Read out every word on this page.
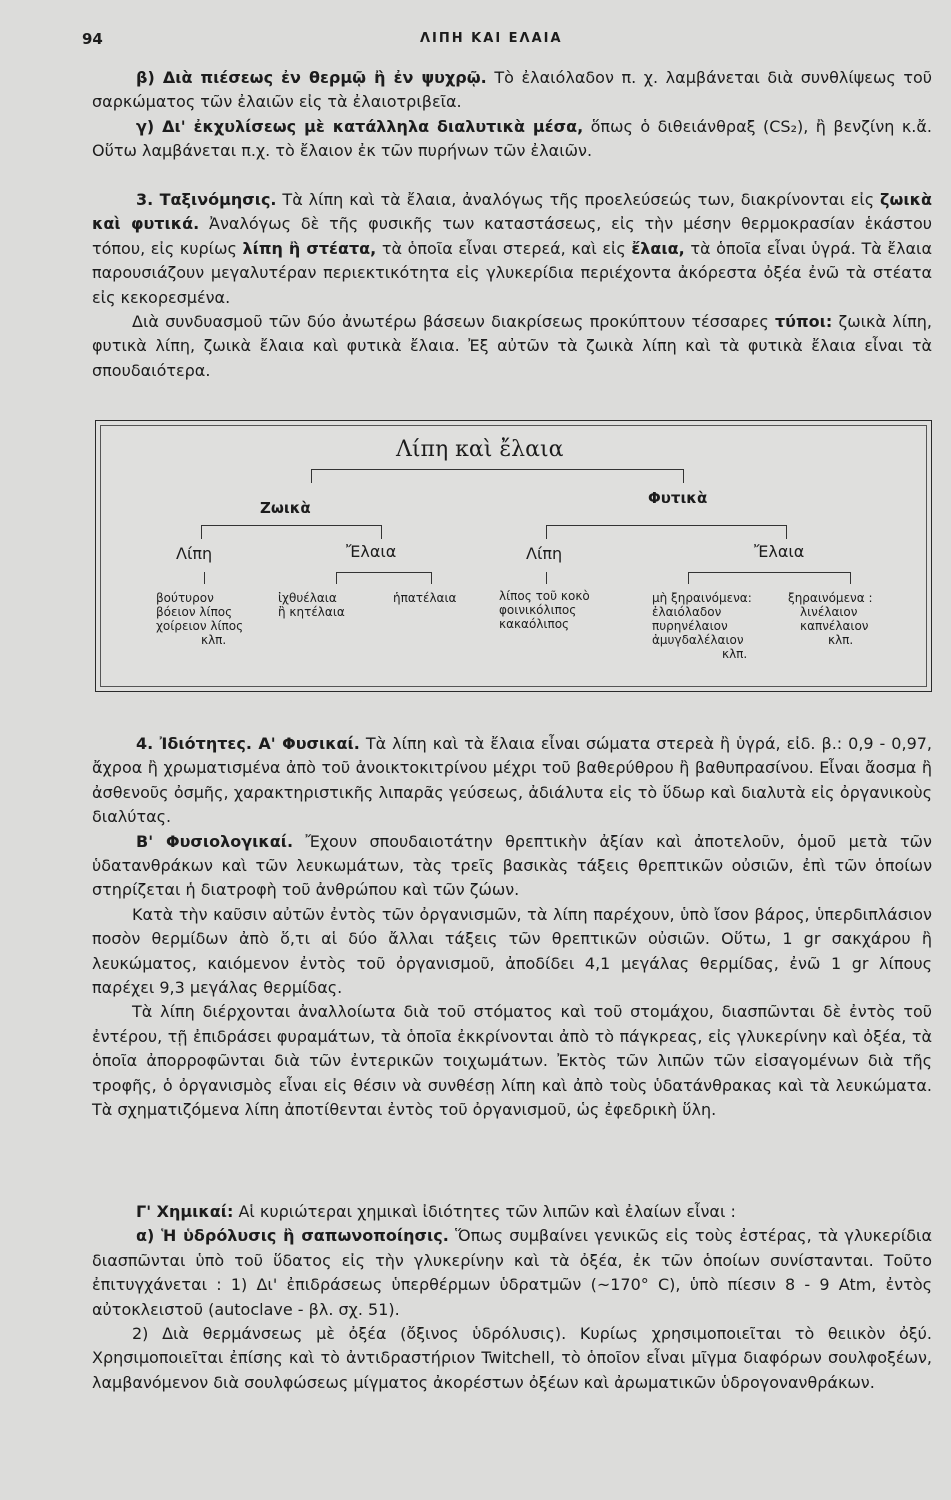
94	ΛΙΠΗ ΚΑΙ ΕΛΑΙΑ

β) Διὰ πιέσεως ἐν θερμῷ ἢ ἐν ψυχρῷ. Τὸ ἐλαιόλαδον π. χ. λαμβάνεται διὰ συνθλίψεως τοῦ σαρκώματος τῶν ἐλαιῶν εἰς τὰ ἐλαιοτριβεῖα.

γ) Δι' ἐκχυλίσεως μὲ κατάλληλα διαλυτικὰ μέσα, ὅπως ὁ διθειάνθραξ (CS₂), ἢ βενζίνη κ.ἄ. Οὕτω λαμβάνεται π.χ. τὸ ἔλαιον ἐκ τῶν πυρήνων τῶν ἐλαιῶν.

3. Ταξινόμησις. Τὰ λίπη καὶ τὰ ἔλαια, ἀναλόγως τῆς προελεύσεώς των, διακρίνονται εἰς ζωικὰ καὶ φυτικά. Ἀναλόγως δὲ τῆς φυσικῆς των καταστάσεως, εἰς τὴν μέσην θερμοκρασίαν ἑκάστου τόπου, εἰς κυρίως λίπη ἢ στέατα, τὰ ὁποῖα εἶναι στερεά, καὶ εἰς ἔλαια, τὰ ὁποῖα εἶναι ὑγρά. Τὰ ἔλαια παρουσιάζουν μεγαλυτέραν περιεκτικότητα εἰς γλυκερίδια περιέχοντα ἀκόρεστα ὀξέα ἐνῶ τὰ στέατα εἰς κεκορεσμένα.

Διὰ συνδυασμοῦ τῶν δύο ἀνωτέρω βάσεων διακρίσεως προκύπτουν τέσσαρες τύποι: ζωικὰ λίπη, φυτικὰ λίπη, ζωικὰ ἔλαια καὶ φυτικὰ ἔλαια. Ἐξ αὐτῶν τὰ ζωικὰ λίπη καὶ τὰ φυτικὰ ἔλαια εἶναι τὰ σπουδαιότερα.

Λίπη καὶ ἔλαια
Ζωικὰ
Φυτικὰ
Λίπη	Ἔλαια	Λίπη	Ἔλαια
βούτυρον
βόειον λίπος
χοίρειον λίπος
κλπ.
ἰχθυέλαια
ἢ κητέλαια
ἡπατέλαια	λίπος τοῦ κοκὸ
φοινικόλιπος
κακαόλιπος
μὴ ξηραινόμενα:
ἐλαιόλαδον
πυρηνέλαιον
ἀμυγδαλέλαιον
κλπ.
ξηραινόμενα :
λινέλαιον
καπνέλαιον
κλπ.

4. Ἰδιότητες. Α' Φυσικαί. Τὰ λίπη καὶ τὰ ἔλαια εἶναι σώματα στερεὰ ἢ ὑγρά, εἰδ. β.: 0,9 - 0,97, ἄχροα ἢ χρωματισμένα ἀπὸ τοῦ ἀνοικτοκιτρίνου μέχρι τοῦ βαθερύθρου ἢ βαθυπρασίνου. Εἶναι ἄοσμα ἢ ἀσθενοῦς ὀσμῆς, χαρακτηριστικῆς λιπαρᾶς γεύσεως, ἀδιάλυτα εἰς τὸ ὕδωρ καὶ διαλυτὰ εἰς ὀργανικοὺς διαλύτας.

Β' Φυσιολογικαί. Ἔχουν σπουδαιοτάτην θρεπτικὴν ἀξίαν καὶ ἀποτελοῦν, ὁμοῦ μετὰ τῶν ὑδατανθράκων καὶ τῶν λευκωμάτων, τὰς τρεῖς βασικὰς τάξεις θρεπτικῶν οὐσιῶν, ἐπὶ τῶν ὁποίων στηρίζεται ἡ διατροφὴ τοῦ ἀνθρώπου καὶ τῶν ζώων.

Κατὰ τὴν καῦσιν αὐτῶν ἐντὸς τῶν ὀργανισμῶν, τὰ λίπη παρέχουν, ὑπὸ ἴσον βάρος, ὑπερδιπλάσιον ποσὸν θερμίδων ἀπὸ ὅ,τι αἱ δύο ἄλλαι τάξεις τῶν θρεπτικῶν οὐσιῶν. Οὕτω, 1 gr σακχάρου ἢ λευκώματος, καιόμενον ἐντὸς τοῦ ὀργανισμοῦ, ἀποδίδει 4,1 μεγάλας θερμίδας, ἐνῶ 1 gr λίπους παρέχει 9,3 μεγάλας θερμίδας.

Τὰ λίπη διέρχονται ἀναλλοίωτα διὰ τοῦ στόματος καὶ τοῦ στομάχου, διασπῶνται δὲ ἐντὸς τοῦ ἐντέρου, τῇ ἐπιδράσει φυραμάτων, τὰ ὁποῖα ἐκκρίνονται ἀπὸ τὸ πάγκρεας, εἰς γλυκερίνην καὶ ὀξέα, τὰ ὁποῖα ἀπορροφῶνται διὰ τῶν ἐντερικῶν τοιχωμάτων. Ἐκτὸς τῶν λιπῶν τῶν εἰσαγομένων διὰ τῆς τροφῆς, ὁ ὀργανισμὸς εἶναι εἰς θέσιν νὰ συνθέσῃ λίπη καὶ ἀπὸ τοὺς ὑδατάνθρακας καὶ τὰ λευκώματα. Τὰ σχηματιζόμενα λίπη ἀποτίθενται ἐντὸς τοῦ ὀργανισμοῦ, ὡς ἐφεδρικὴ ὕλη.

Γ' Χημικαί: Αἱ κυριώτεραι χημικαὶ ἰδιότητες τῶν λιπῶν καὶ ἐλαίων εἶναι :

α) Ἡ ὑδρόλυσις ἢ σαπωνοποίησις. Ὅπως συμβαίνει γενικῶς εἰς τοὺς ἐστέρας, τὰ γλυκερίδια διασπῶνται ὑπὸ τοῦ ὕδατος εἰς τὴν γλυκερίνην καὶ τὰ ὀξέα, ἐκ τῶν ὁποίων συνίστανται. Τοῦτο ἐπιτυγχάνεται : 1) Δι' ἐπιδράσεως ὑπερθέρμων ὑδρατμῶν (~170° C), ὑπὸ πίεσιν 8 - 9 Atm, ἐντὸς αὐτοκλειστοῦ (autoclave - βλ. σχ. 51).

2) Διὰ θερμάνσεως μὲ ὀξέα (ὄξινος ὑδρόλυσις). Κυρίως χρησιμοποιεῖται τὸ θειικὸν ὀξύ. Χρησιμοποιεῖται ἐπίσης καὶ τὸ ἀντιδραστήριον Twitchell, τὸ ὁποῖον εἶναι μῖγμα διαφόρων σουλφοξέων, λαμβανόμενον διὰ σουλφώσεως μίγματος ἀκορέστων ὀξέων καὶ ἀρωματικῶν ὑδρογονανθράκων.
